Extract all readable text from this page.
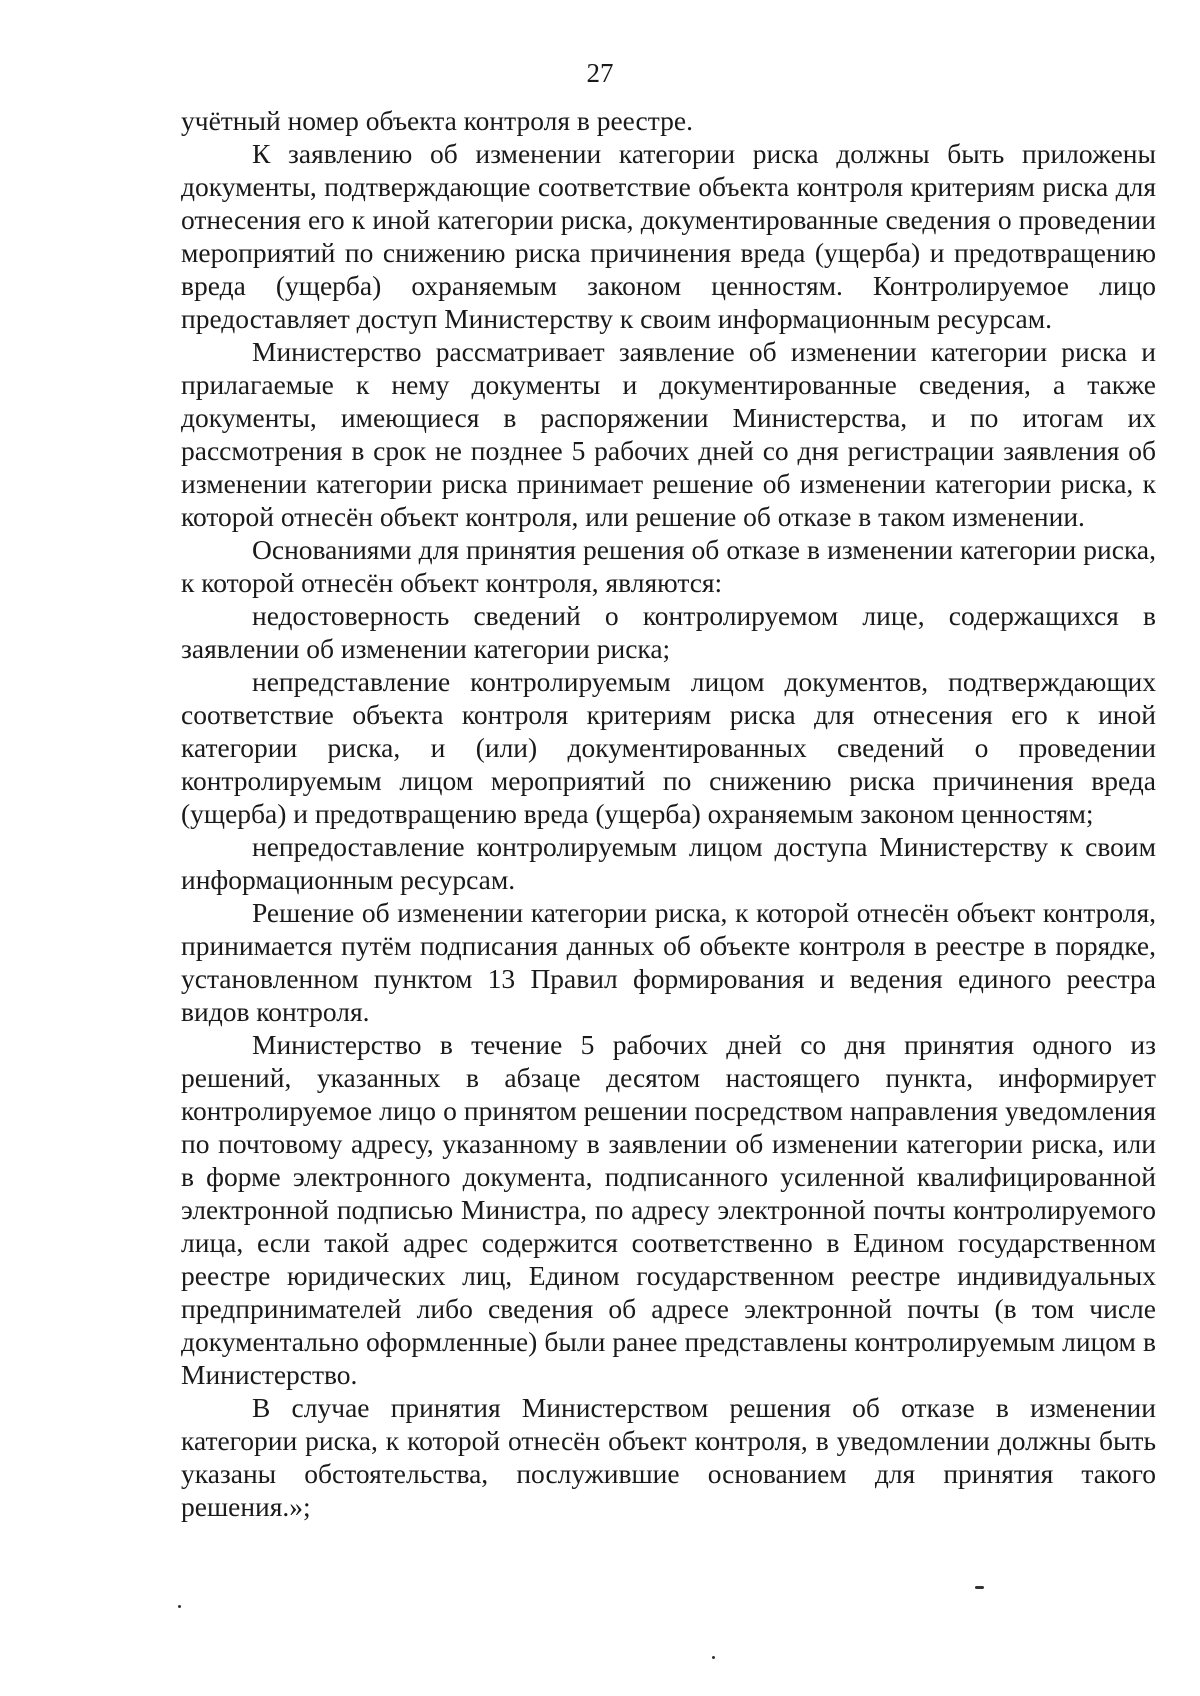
27

учётный номер объекта контроля в реестре.

К заявлению об изменении категории риска должны быть приложены документы, подтверждающие соответствие объекта контроля критериям риска для отнесения его к иной категории риска, документированные сведения о проведении мероприятий по снижению риска причинения вреда (ущерба) и предотвращению вреда (ущерба) охраняемым законом ценностям. Контролируемое лицо предоставляет доступ Министерству к своим информационным ресурсам.

Министерство рассматривает заявление об изменении категории риска и прилагаемые к нему документы и документированные сведения, а также документы, имеющиеся в распоряжении Министерства, и по итогам их рассмотрения в срок не позднее 5 рабочих дней со дня регистрации заявления об изменении категории риска принимает решение об изменении категории риска, к которой отнесён объект контроля, или решение об отказе в таком изменении.

Основаниями для принятия решения об отказе в изменении категории риска, к которой отнесён объект контроля, являются:

недостоверность сведений о контролируемом лице, содержащихся в заявлении об изменении категории риска;

непредставление контролируемым лицом документов, подтверждающих соответствие объекта контроля критериям риска для отнесения его к иной категории риска, и (или) документированных сведений о проведении контролируемым лицом мероприятий по снижению риска причинения вреда (ущерба) и предотвращению вреда (ущерба) охраняемым законом ценностям;

непредоставление контролируемым лицом доступа Министерству к своим информационным ресурсам.

Решение об изменении категории риска, к которой отнесён объект контроля, принимается путём подписания данных об объекте контроля в реестре в порядке, установленном пунктом 13 Правил формирования и ведения единого реестра видов контроля.

Министерство в течение 5 рабочих дней со дня принятия одного из решений, указанных в абзаце десятом настоящего пункта, информирует контролируемое лицо о принятом решении посредством направления уведомления по почтовому адресу, указанному в заявлении об изменении категории риска, или в форме электронного документа, подписанного усиленной квалифицированной электронной подписью Министра, по адресу электронной почты контролируемого лица, если такой адрес содержится соответственно в Едином государственном реестре юридических лиц, Едином государственном реестре индивидуальных предпринимателей либо сведения об адресе электронной почты (в том числе документально оформленные) были ранее представлены контролируемым лицом в Министерство.

В случае принятия Министерством решения об отказе в изменении категории риска, к которой отнесён объект контроля, в уведомлении должны быть указаны обстоятельства, послужившие основанием для принятия такого решения.»;
